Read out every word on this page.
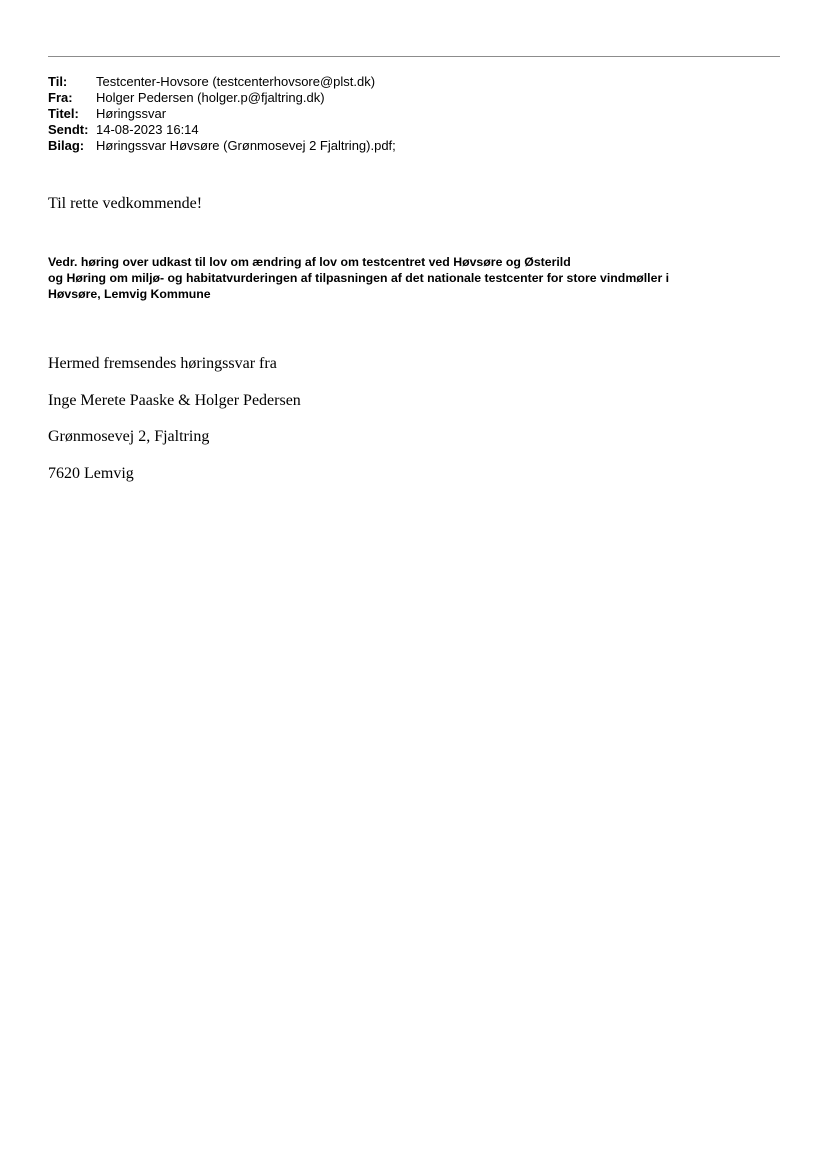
Til:	Testcenter-Hovsore (testcenterhovsore@plst.dk)
Fra:	Holger Pedersen (holger.p@fjaltring.dk)
Titel:	Høringssvar
Sendt: 14-08-2023 16:14
Bilag: Høringssvar Høvsøre (Grønmosevej 2 Fjaltring).pdf;
Til rette vedkommende!
Vedr. høring over udkast til lov om ændring af lov om testcentret ved Høvsøre og Østerild
og Høring om miljø- og habitatvurderingen af tilpasningen af det nationale testcenter for store vindmøller i
Høvsøre, Lemvig Kommune
Hermed fremsendes høringssvar fra
Inge Merete Paaske & Holger Pedersen
Grønmosevej 2, Fjaltring
7620 Lemvig
